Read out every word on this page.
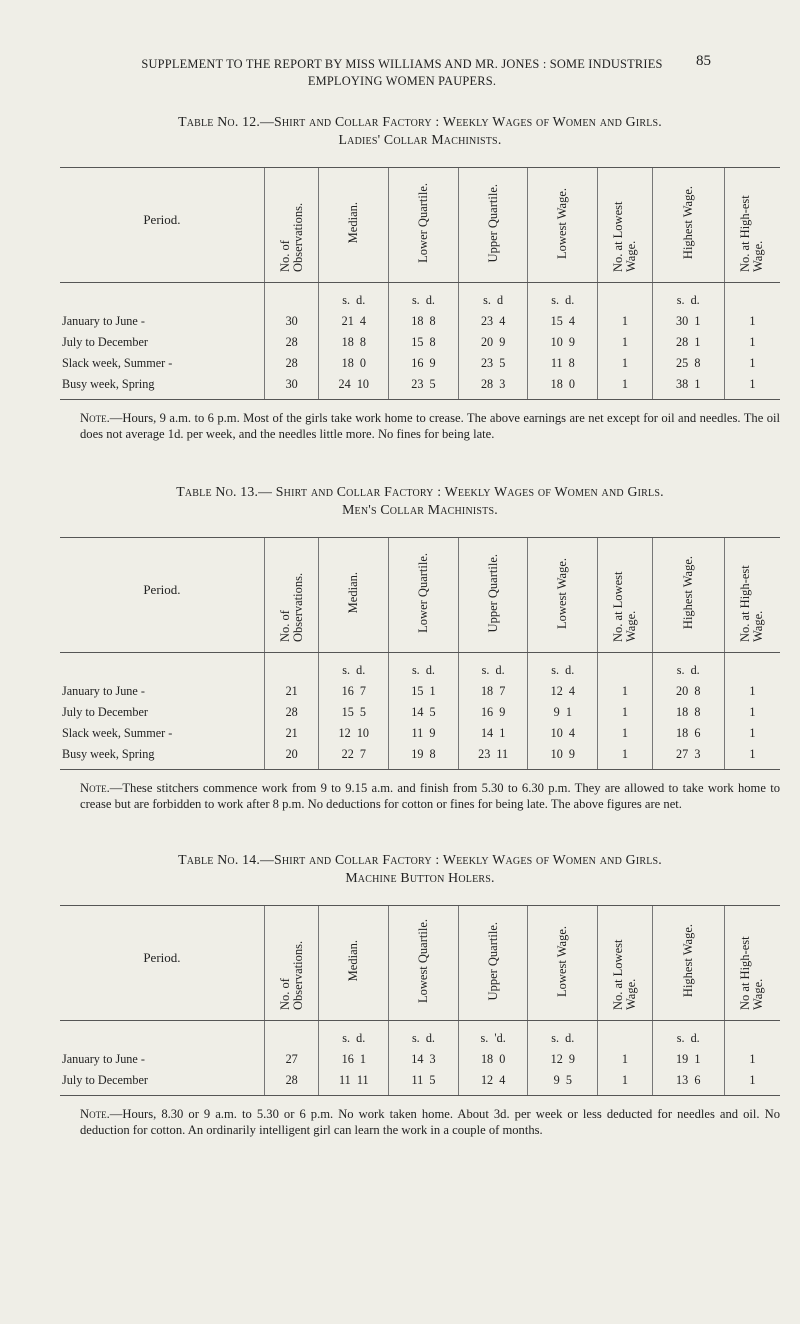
SUPPLEMENT TO THE REPORT BY MISS WILLIAMS AND MR. JONES : SOME INDUSTRIES
EMPLOYING WOMEN PAUPERS.
85
Table No. 12.—Shirt and Collar Factory : Weekly Wages of Women and Girls.
Ladies' Collar Machinists.
Period.	No. of Observations.	Median.	Lower Quartile.	Upper Quartile.	Lowest Wage.	No. at Lowest Wage.	Highest Wage.	No. at High-est Wage.
		s.  d.	s.  d.	s.  d	s.  d.		s.  d.	
January to June -	30	21  4	18  8	23  4	15  4	1	30  1	1
July to December	28	18  8	15  8	20  9	10  9	1	28  1	1
Slack week, Summer -	28	18  0	16  9	23  5	11  8	1	25  8	1
Busy week, Spring	30	24  10	23  5	28  3	18  0	1	38  1	1
Note.—Hours, 9 a.m. to 6 p.m. Most of the girls take work home to crease. The above earnings are net except for oil and needles. The oil does not average 1d. per week, and the needles little more. No fines for being late.
Table No. 13.— Shirt and Collar Factory : Weekly Wages of Women and Girls.
Men's Collar Machinists.
Period.	No. of Observations.	Median.	Lower Quartile.	Upper Quartile.	Lowest Wage.	No. at Lowest Wage.	Highest Wage.	No. at High-est Wage.
		s.  d.	s.  d.	s.  d.	s.  d.		s.  d.	
January to June -	21	16  7	15  1	18  7	12  4	1	20  8	1
July to December	28	15  5	14  5	16  9	9  1	1	18  8	1
Slack week, Summer -	21	12  10	11  9	14  1	10  4	1	18  6	1
Busy week, Spring	20	22  7	19  8	23  11	10  9	1	27  3	1
Note.—These stitchers commence work from 9 to 9.15 a.m. and finish from 5.30 to 6.30 p.m. They are allowed to take work home to crease but are forbidden to work after 8 p.m. No deductions for cotton or fines for being late. The above figures are net.
Table No. 14.—Shirt and Collar Factory : Weekly Wages of Women and Girls.
Machine Button Holers.
Period.	No. of Observations.	Median.	Lowest Quartile.	Upper Quartile.	Lowest Wage.	No. at Lowest Wage.	Highest Wage.	No at High-est Wage.
		s.  d.	s.  d.	s.  'd.	s.  d.		s.  d.	
January to June -	27	16  1	14  3	18  0	12  9	1	19  1	1
July to December	28	11  11	11  5	12  4	9  5	1	13  6	1
Note.—Hours, 8.30 or 9 a.m. to 5.30 or 6 p.m. No work taken home. About 3d. per week or less deducted for needles and oil. No deduction for cotton. An ordinarily intelligent girl can learn the work in a couple of months.
